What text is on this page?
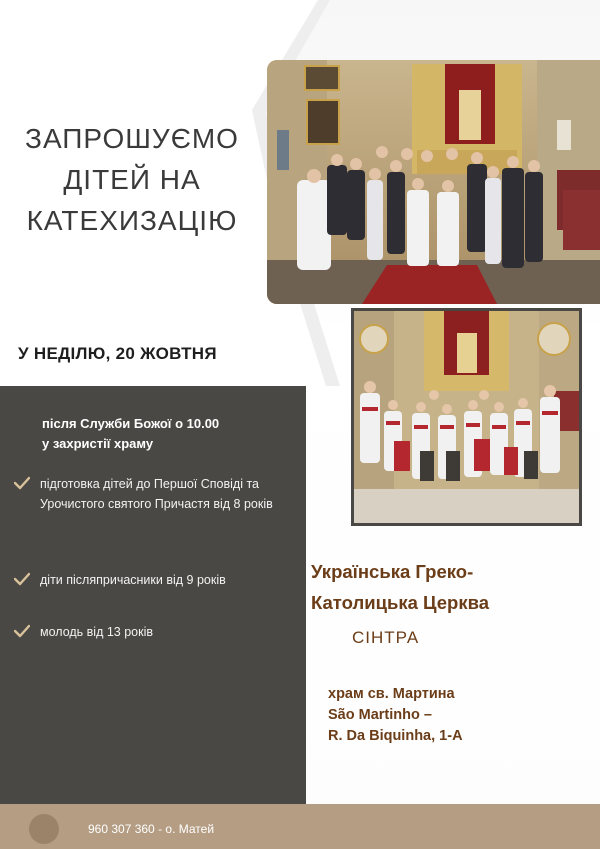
ЗАПРОШУЄМО
ДІТЕЙ НА
КАТЕХИЗАЦІЮ

У НЕДІЛЮ, 20 ЖОВТНЯ

після Служби Божої о 10.00
у захристії храму
підготовка дітей до Першої Сповіді та Урочистого святого Причастя від 8 років
діти післяпричасники від 9 років
молодь від 13 років
Українська Греко-
Католицька Церква

СІНТРА

храм св. Мартина
São Martinho –
R. Da Biquinha, 1-A
960 307 360 - о. Матей
